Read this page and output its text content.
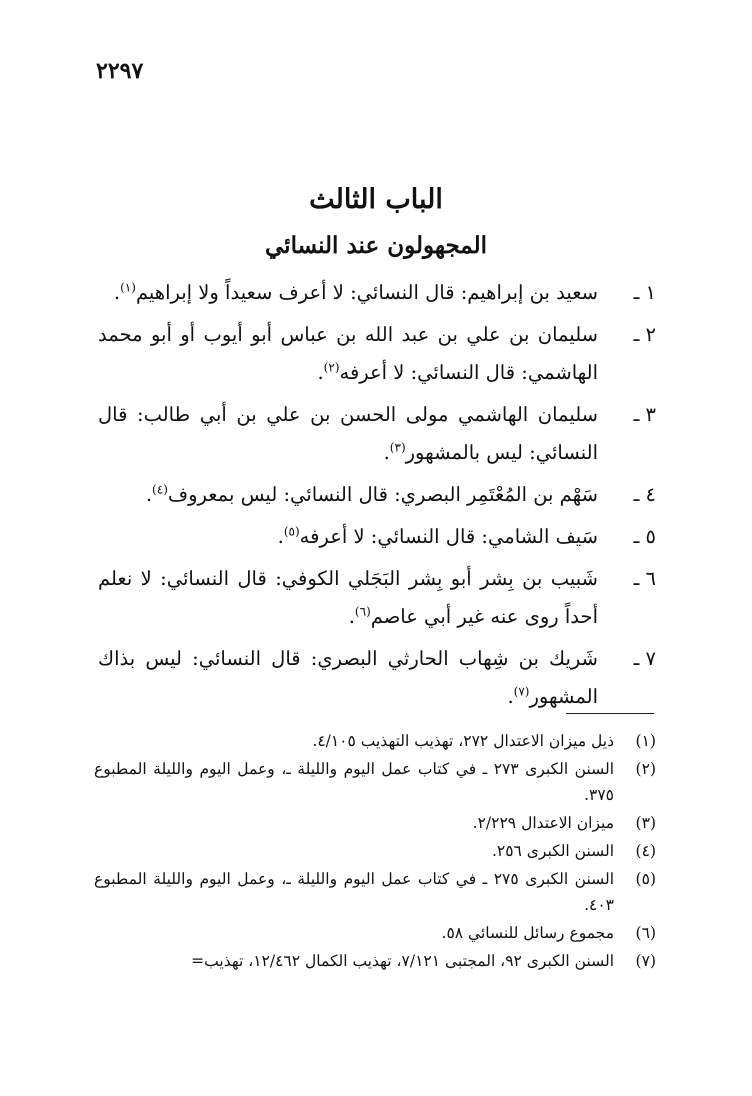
٢٢٩٧
الباب الثالث
المجهولون عند النسائي
١ ـ
سعيد بن إبراهيم: قال النسائي: لا أعرف سعيداً ولا إبراهيم$^{(١)}$.
٢ ـ
سليمان بن علي بن عبد الله بن عباس أبو أيوب أو أبو محمد الهاشمي: قال النسائي: لا أعرفه$^{(٢)}$.
٣ ـ
سليمان الهاشمي مولى الحسن بن علي بن أبي طالب: قال النسائي: ليس بالمشهور$^{(٣)}$.
٤ ـ
سَهْم بن المُعْتَمِر البصري: قال النسائي: ليس بمعروف$^{(٤)}$.
٥ ـ
سَيف الشامي: قال النسائي: لا أعرفه$^{(٥)}$.
٦ ـ
شَبيب بن بِشر أبو بِشر البَجَلي الكوفي: قال النسائي: لا نعلم أحداً روى عنه غير أبي عاصم$^{(٦)}$.
٧ ـ
شَريك بن شِهاب الحارثي البصري: قال النسائي: ليس بذاك المشهور$^{(٧)}$.
(١)
ذيل ميزان الاعتدال ٢٧٢، تهذيب التهذيب ٤/١٠٥.
(٢)
السنن الكبرى ٢٧٣ ـ في كتاب عمل اليوم والليلة ـ، وعمل اليوم والليلة المطبوع ٣٧٥.
(٣)
ميزان الاعتدال ٢/٢٢٩.
(٤)
السنن الكبرى ٢٥٦.
(٥)
السنن الكبرى ٢٧٥ ـ في كتاب عمل اليوم والليلة ـ، وعمل اليوم والليلة المطبوع ٤٠٣.
(٦)
مجموع رسائل للنسائي ٥٨.
(٧)
السنن الكبرى ٩٢، المجتبى ٧/١٢١، تهذيب الكمال ١٢/٤٦٢، تهذيب=
